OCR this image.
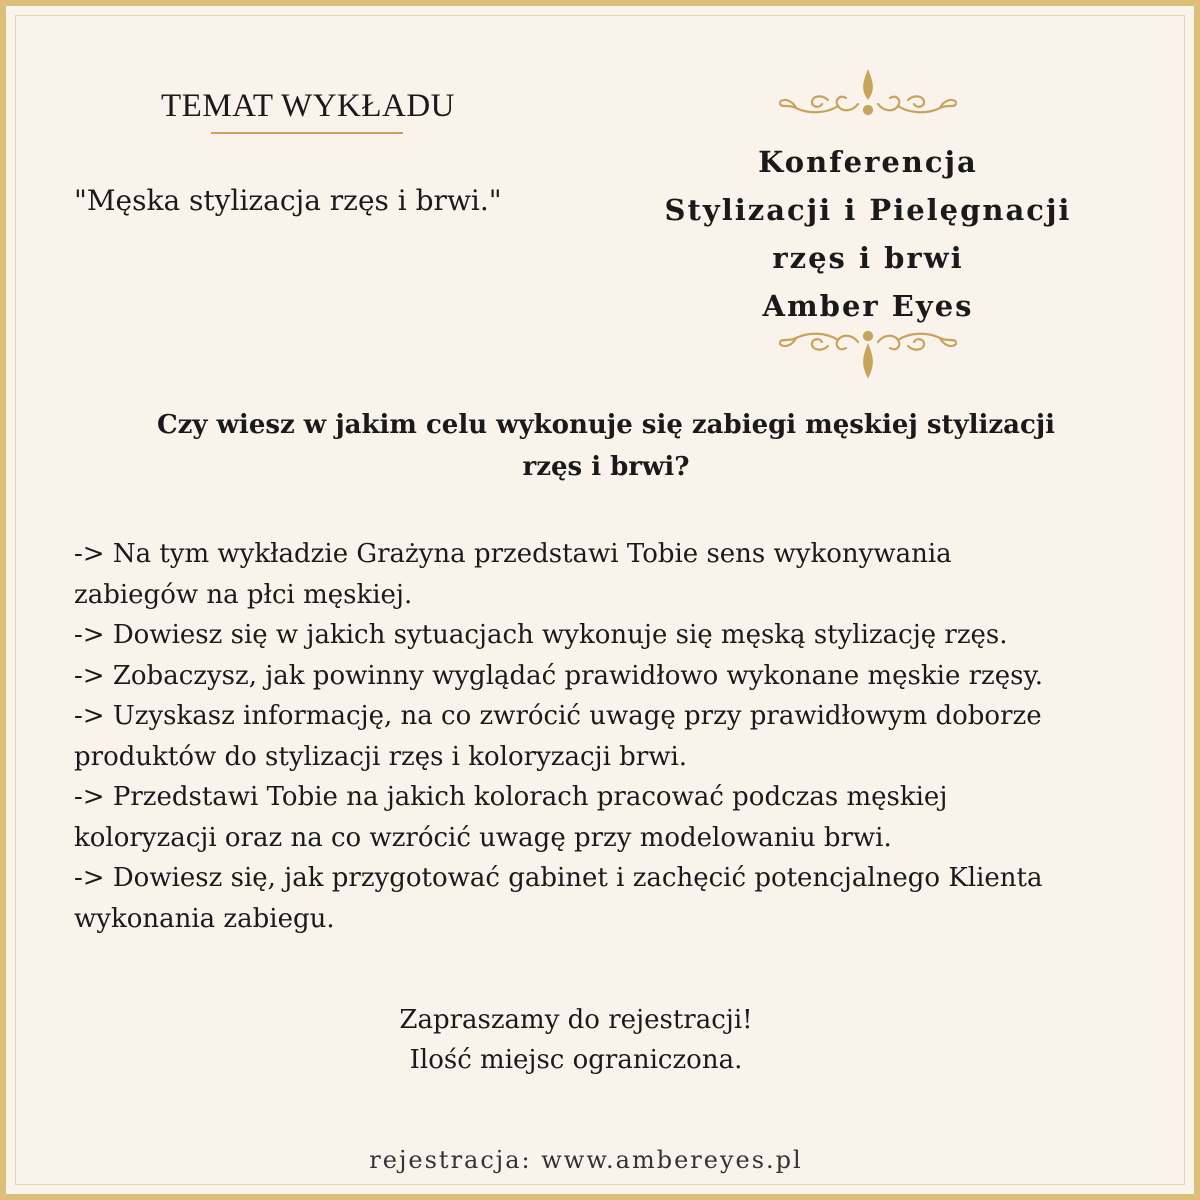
TEMAT WYKŁADU
"Męska stylizacja rzęs i brwi."
Konferencja
Stylizacji i Pielęgnacji
rzęs i brwi
Amber Eyes
Czy wiesz w jakim celu wykonuje się zabiegi męskiej stylizacji
rzęs i brwi?
-> Na tym wykładzie Grażyna przedstawi Tobie sens wykonywania
zabiegów na płci męskiej.
-> Dowiesz się w jakich sytuacjach wykonuje się męską stylizację rzęs.
-> Zobaczysz, jak powinny wyglądać prawidłowo wykonane męskie rzęsy.
-> Uzyskasz informację, na co zwrócić uwagę przy prawidłowym doborze
produktów do stylizacji rzęs i koloryzacji brwi.
-> Przedstawi Tobie na jakich kolorach pracować podczas męskiej
koloryzacji oraz na co wzrócić uwagę przy modelowaniu brwi.
-> Dowiesz się, jak przygotować gabinet i zachęcić potencjalnego Klienta
wykonania zabiegu.
Zapraszamy do rejestracji!
Ilość miejsc ograniczona.
rejestracja: www.ambereyes.pl
